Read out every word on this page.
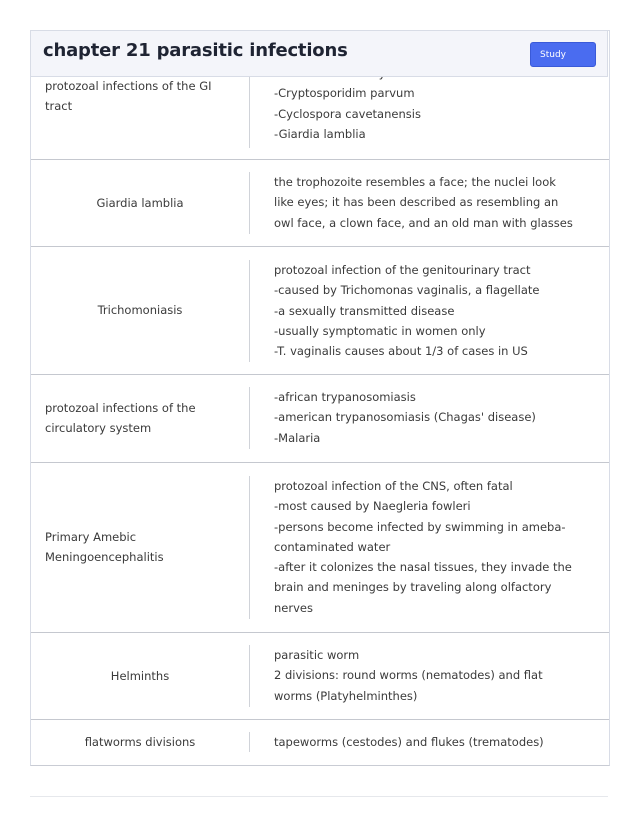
protozoal infections of the GI tract
-Cryptosporidim parvum
-Cyclospora cavetanensis
-Giardia lamblia
Giardia lamblia
the trophozoite resembles a face; the nuclei look
like eyes; it has been described as resembling an
owl face, a clown face, and an old man with glasses
Trichomoniasis
protozoal infection of the genitourinary tract
-caused by Trichomonas vaginalis, a flagellate
-a sexually transmitted disease
-usually symptomatic in women only
-T. vaginalis causes about 1/3 of cases in US
protozoal infections of the circulatory system
-african trypanosomiasis
-american trypanosomiasis (Chagas' disease)
-Malaria
Primary Amebic Meningoencephalitis
protozoal infection of the CNS, often fatal
-most caused by Naegleria fowleri
-persons become infected by swimming in ameba-
contaminated water
-after it colonizes the nasal tissues, they invade the
brain and meninges by traveling along olfactory
nerves
Helminths
parasitic worm
2 divisions: round worms (nematodes) and flat
worms (Platyhelminthes)
flatworms divisions	tapeworms (cestodes) and flukes (trematodes)
chapter 21 parasitic infections	Study
